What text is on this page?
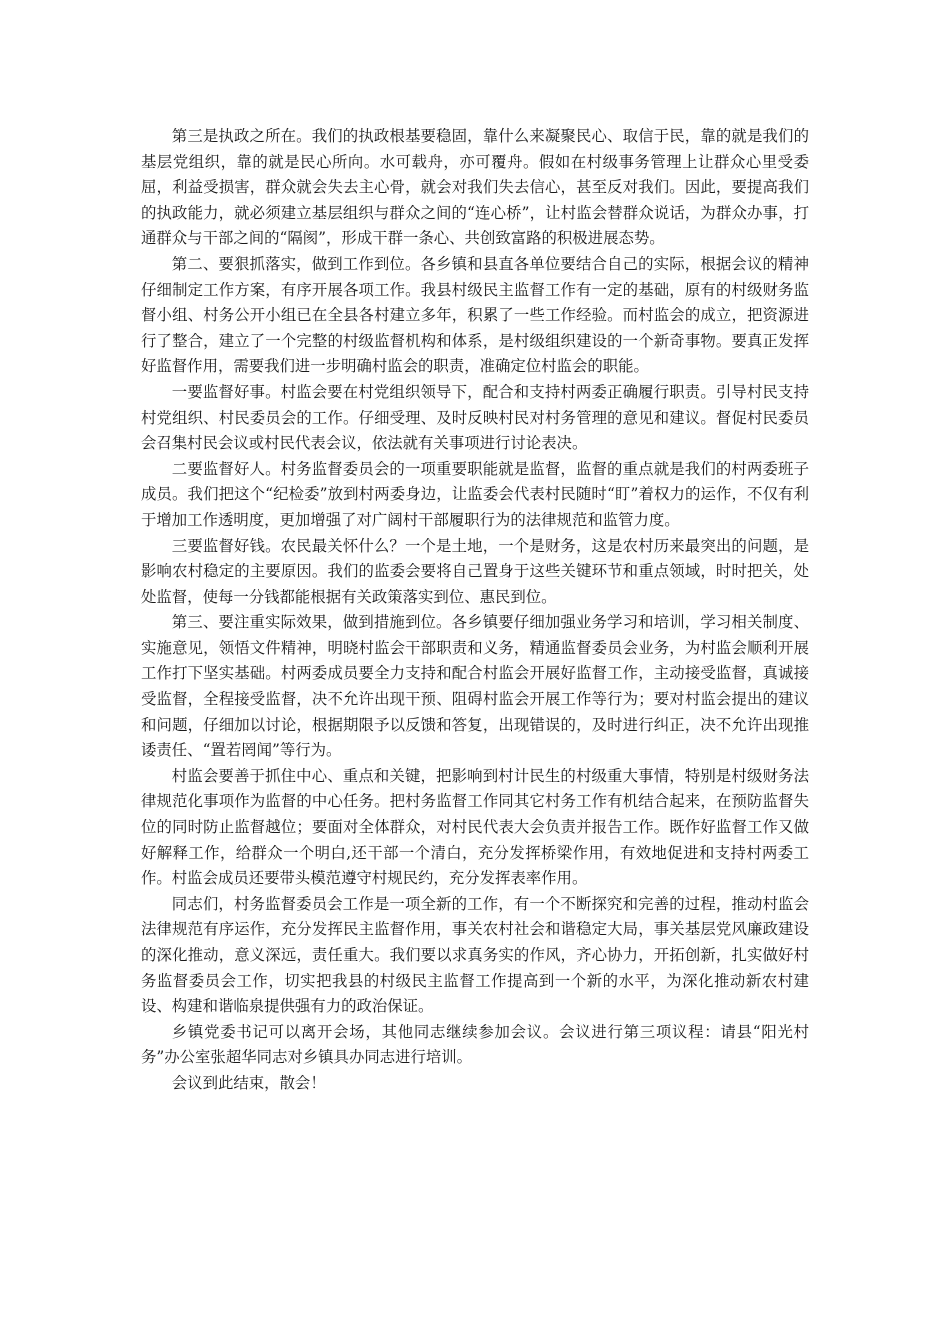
第三是执政之所在。我们的执政根基要稳固，靠什么来凝聚民心、取信于民，靠的就是我们的基层党组织，靠的就是民心所向。水可载舟，亦可覆舟。假如在村级事务管理上让群众心里受委屈，利益受损害，群众就会失去主心骨，就会对我们失去信心，甚至反对我们。因此，要提高我们的执政能力，就必须建立基层组织与群众之间的“连心桥”，让村监会替群众说话，为群众办事，打通群众与干部之间的“隔阂”，形成干群一条心、共创致富路的积极进展态势。

第二、要狠抓落实，做到工作到位。各乡镇和县直各单位要结合自己的实际，根据会议的精神仔细制定工作方案，有序开展各项工作。我县村级民主监督工作有一定的基础，原有的村级财务监督小组、村务公开小组已在全县各村建立多年，积累了一些工作经验。而村监会的成立，把资源进行了整合，建立了一个完整的村级监督机构和体系，是村级组织建设的一个新奇事物。要真正发挥好监督作用，需要我们进一步明确村监会的职责，准确定位村监会的职能。

一要监督好事。村监会要在村党组织领导下，配合和支持村两委正确履行职责。引导村民支持村党组织、村民委员会的工作。仔细受理、及时反映村民对村务管理的意见和建议。督促村民委员会召集村民会议或村民代表会议，依法就有关事项进行讨论表决。

二要监督好人。村务监督委员会的一项重要职能就是监督，监督的重点就是我们的村两委班子成员。我们把这个“纪检委”放到村两委身边，让监委会代表村民随时“盯”着权力的运作，不仅有利于增加工作透明度，更加增强了对广阔村干部履职行为的法律规范和监管力度。

三要监督好钱。农民最关怀什么？一个是土地，一个是财务，这是农村历来最突出的问题，是影响农村稳定的主要原因。我们的监委会要将自己置身于这些关键环节和重点领域，时时把关，处处监督，使每一分钱都能根据有关政策落实到位、惠民到位。

第三、要注重实际效果，做到措施到位。各乡镇要仔细加强业务学习和培训，学习相关制度、实施意见，领悟文件精神，明晓村监会干部职责和义务，精通监督委员会业务，为村监会顺利开展工作打下坚实基础。村两委成员要全力支持和配合村监会开展好监督工作，主动接受监督，真诚接受监督，全程接受监督，决不允许出现干预、阻碍村监会开展工作等行为；要对村监会提出的建议和问题，仔细加以讨论，根据期限予以反馈和答复，出现错误的，及时进行纠正，决不允许出现推诿责任、“置若罔闻”等行为。

村监会要善于抓住中心、重点和关键，把影响到村计民生的村级重大事情，特别是村级财务法律规范化事项作为监督的中心任务。把村务监督工作同其它村务工作有机结合起来，在预防监督失位的同时防止监督越位；要面对全体群众，对村民代表大会负责并报告工作。既作好监督工作又做好解释工作，给群众一个明白,还干部一个清白，充分发挥桥梁作用，有效地促进和支持村两委工作。村监会成员还要带头模范遵守村规民约，充分发挥表率作用。

同志们，村务监督委员会工作是一项全新的工作，有一个不断探究和完善的过程，推动村监会法律规范有序运作，充分发挥民主监督作用，事关农村社会和谐稳定大局，事关基层党风廉政建设的深化推动，意义深远，责任重大。我们要以求真务实的作风，齐心协力，开拓创新，扎实做好村务监督委员会工作，切实把我县的村级民主监督工作提高到一个新的水平，为深化推动新农村建设、构建和谐临泉提供强有力的政治保证。

乡镇党委书记可以离开会场，其他同志继续参加会议。会议进行第三项议程：请县“阳光村务”办公室张超华同志对乡镇具办同志进行培训。

会议到此结束，散会！
